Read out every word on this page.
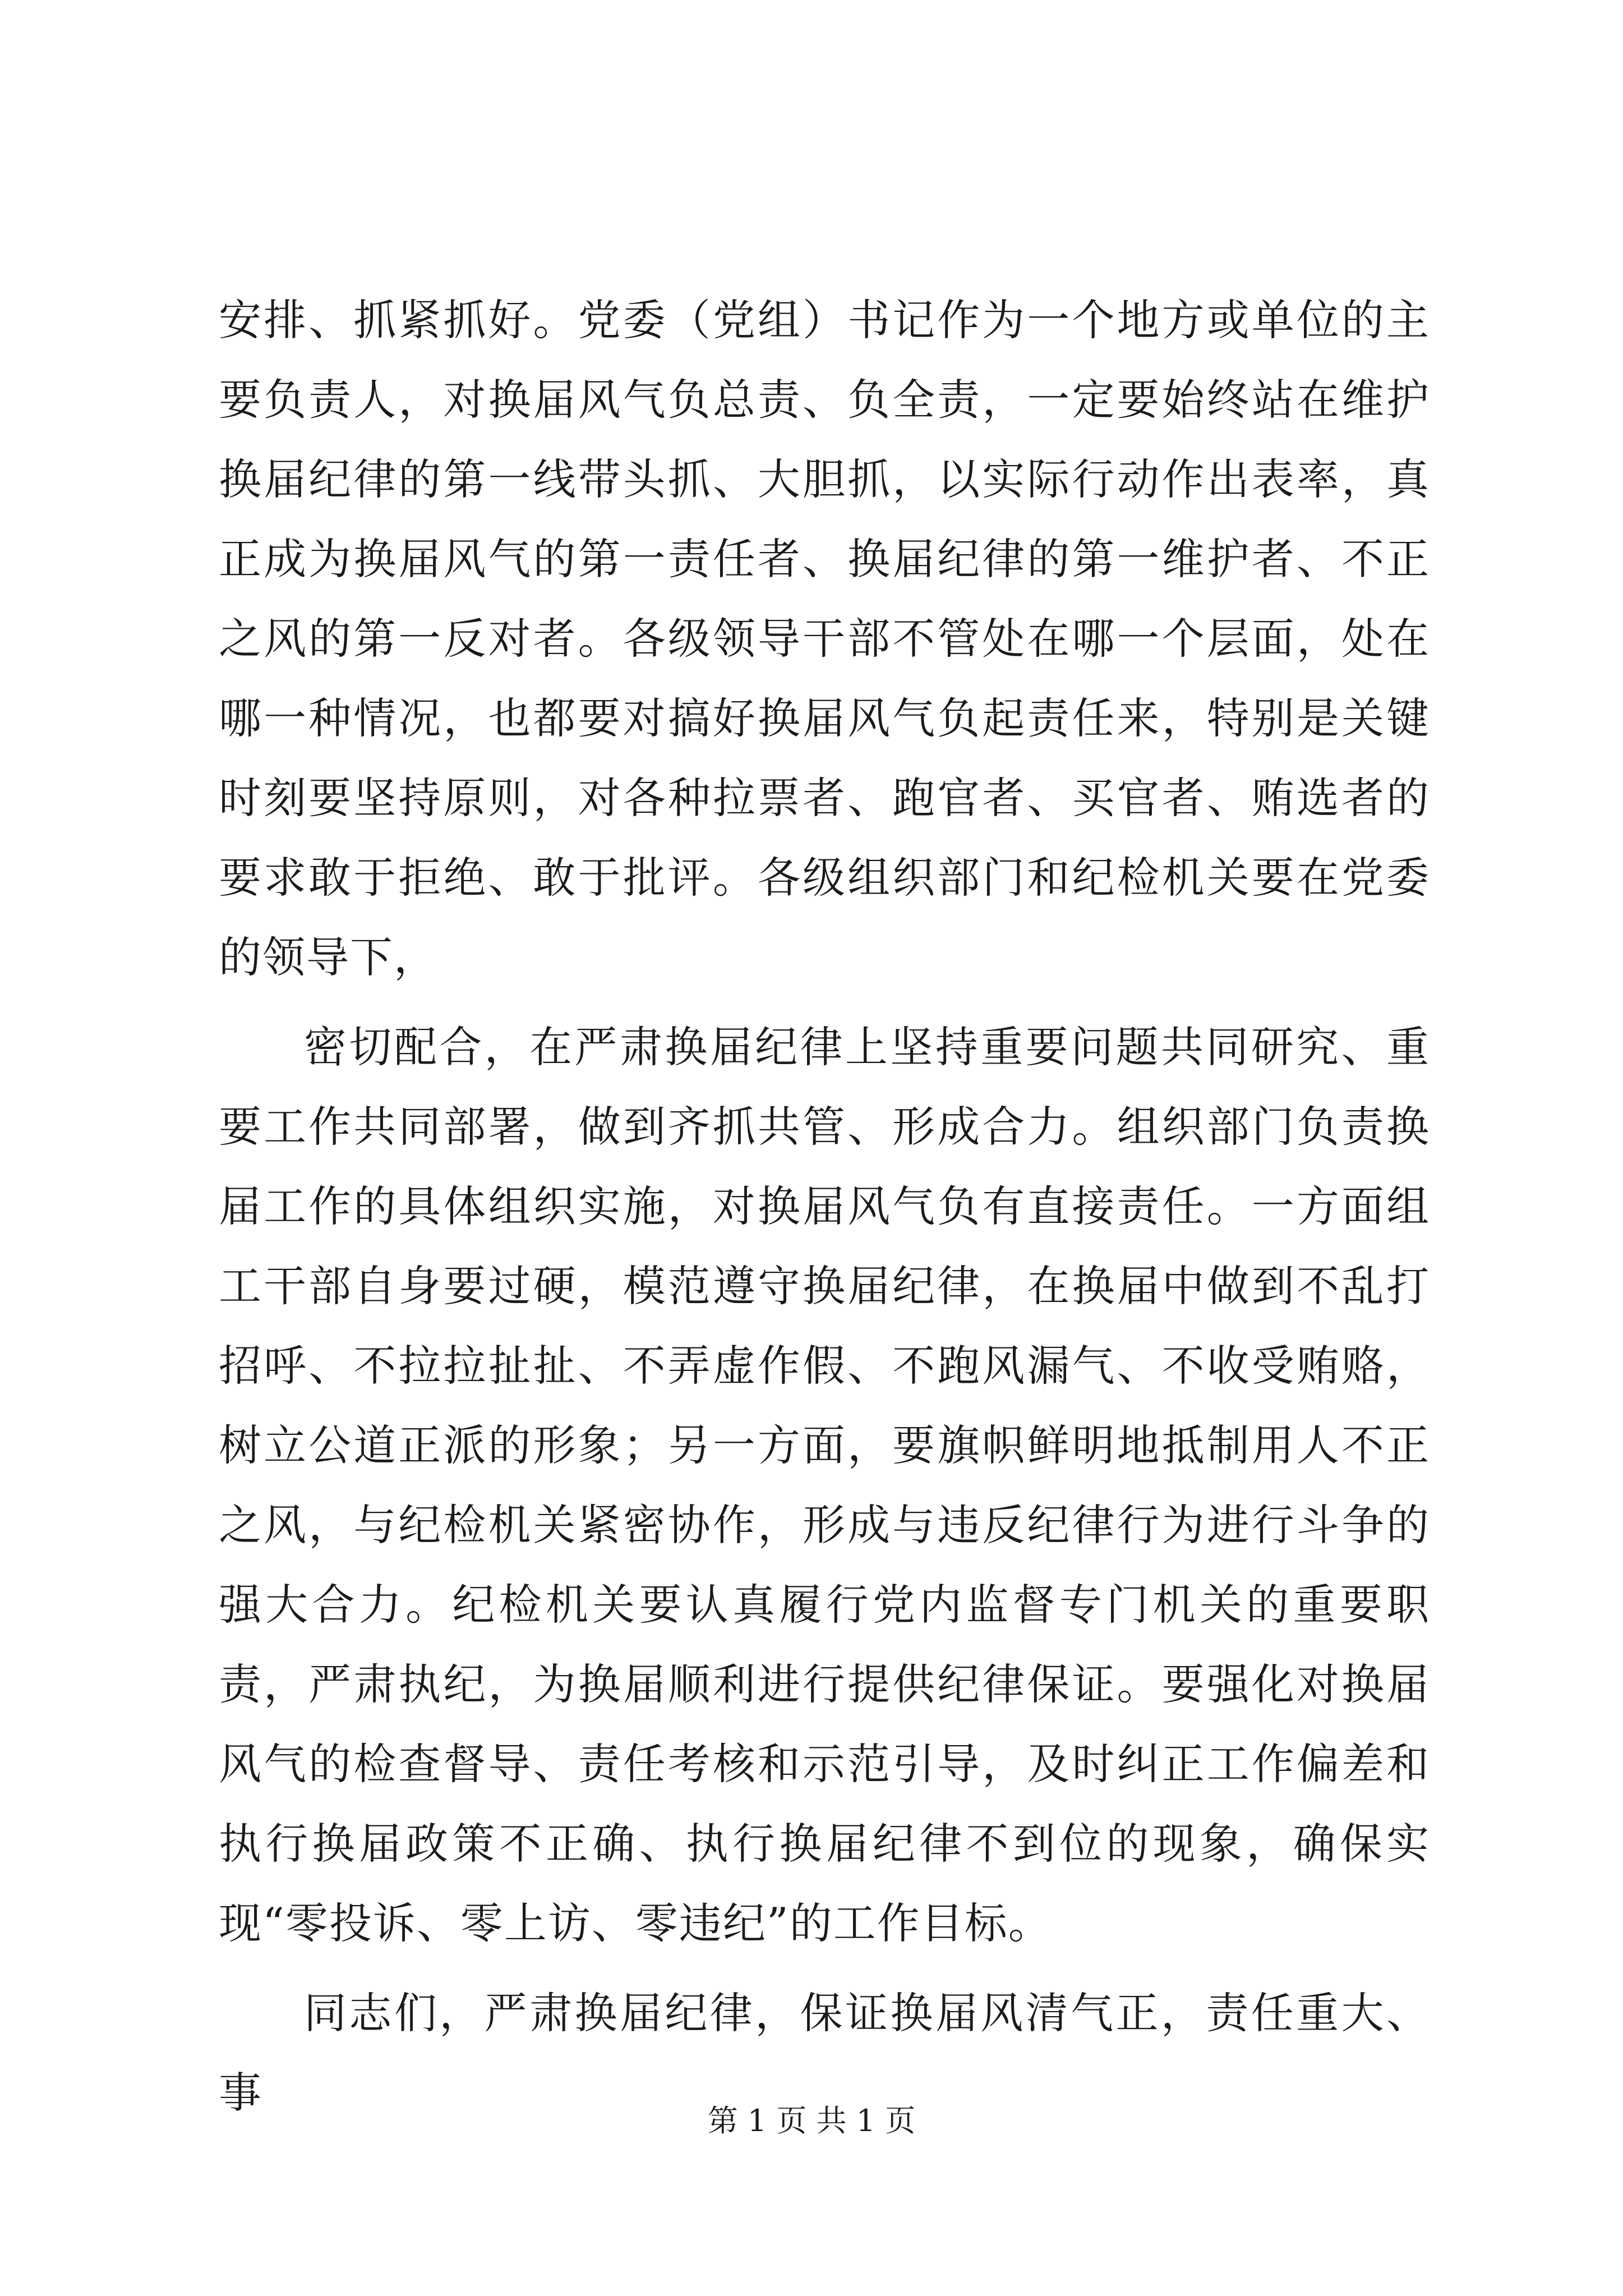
安排、抓紧抓好。党委（党组）书记作为一个地方或单位的主要负责人，对换届风气负总责、负全责，一定要始终站在维护换届纪律的第一线带头抓、大胆抓，以实际行动作出表率，真正成为换届风气的第一责任者、换届纪律的第一维护者、不正之风的第一反对者。各级领导干部不管处在哪一个层面，处在哪一种情况，也都要对搞好换届风气负起责任来，特别是关键时刻要坚持原则，对各种拉票者、跑官者、买官者、贿选者的要求敢于拒绝、敢于批评。各级组织部门和纪检机关要在党委的领导下，

密切配合，在严肃换届纪律上坚持重要问题共同研究、重要工作共同部署，做到齐抓共管、形成合力。组织部门负责换届工作的具体组织实施，对换届风气负有直接责任。一方面组工干部自身要过硬，模范遵守换届纪律，在换届中做到不乱打招呼、不拉拉扯扯、不弄虚作假、不跑风漏气、不收受贿赂，树立公道正派的形象；另一方面，要旗帜鲜明地抵制用人不正之风，与纪检机关紧密协作，形成与违反纪律行为进行斗争的强大合力。纪检机关要认真履行党内监督专门机关的重要职责，严肃执纪，为换届顺利进行提供纪律保证。要强化对换届风气的检查督导、责任考核和示范引导，及时纠正工作偏差和执行换届政策不正确、执行换届纪律不到位的现象，确保实现“零投诉、零上访、零违纪”的工作目标。

同志们，严肃换届纪律，保证换届风清气正，责任重大、事

第 1 页 共 1 页
